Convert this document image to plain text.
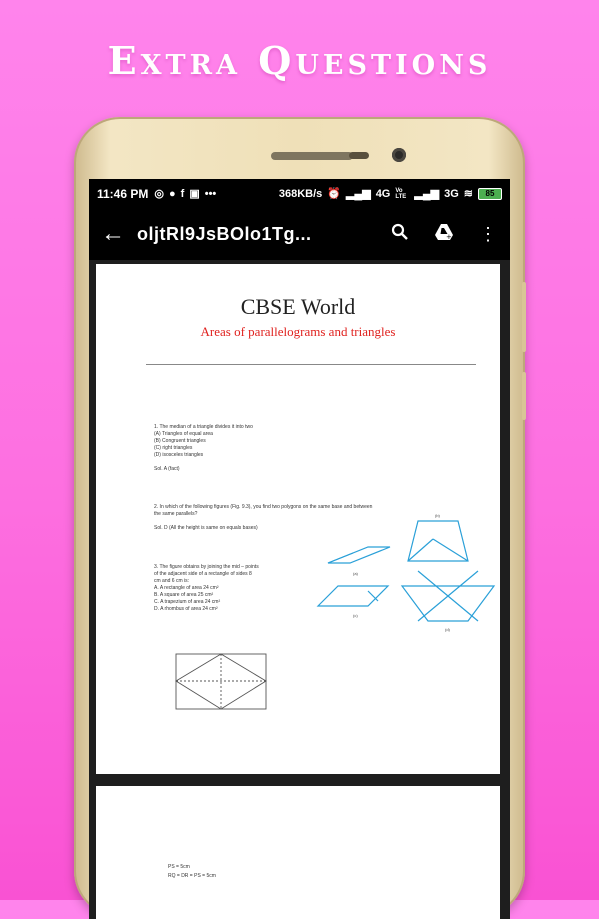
Extra Questions
11:46 PM ◎ ● f ▣ •••	368KB/s ⏰ ▂▄▆ 4G Vo LTE ▂▄▆ 3G ≋	85
← oljtRl9JsBOlo1Tg...	+	⋮
CBSE World
Areas of parallelograms and triangles

1. The median of a triangle divides it into two

(A) Triangles of equal area

(B) Congruent triangles

(C) right triangles

(D) isosceles triangles

Sol. A (fact)

2. In which of the following figures (Fig. 9.3), you find two polygons on the same base and between

the same parallels?

Sol. D (All the height is same on equals bases)

3. The figure obtains by joining the mid – points

of the adjacent side of a rectangle of sides 8

cm and 6 cm is:

A. A rectangle of area 24 cm²

B. A square of area 25 cm²

C. A trapezium of area 24 cm²

D. A rhombus of area 24 cm²

(a)
(b)
(c)
(d)
PS = 5cm
RQ = DR = PS = 5cm
